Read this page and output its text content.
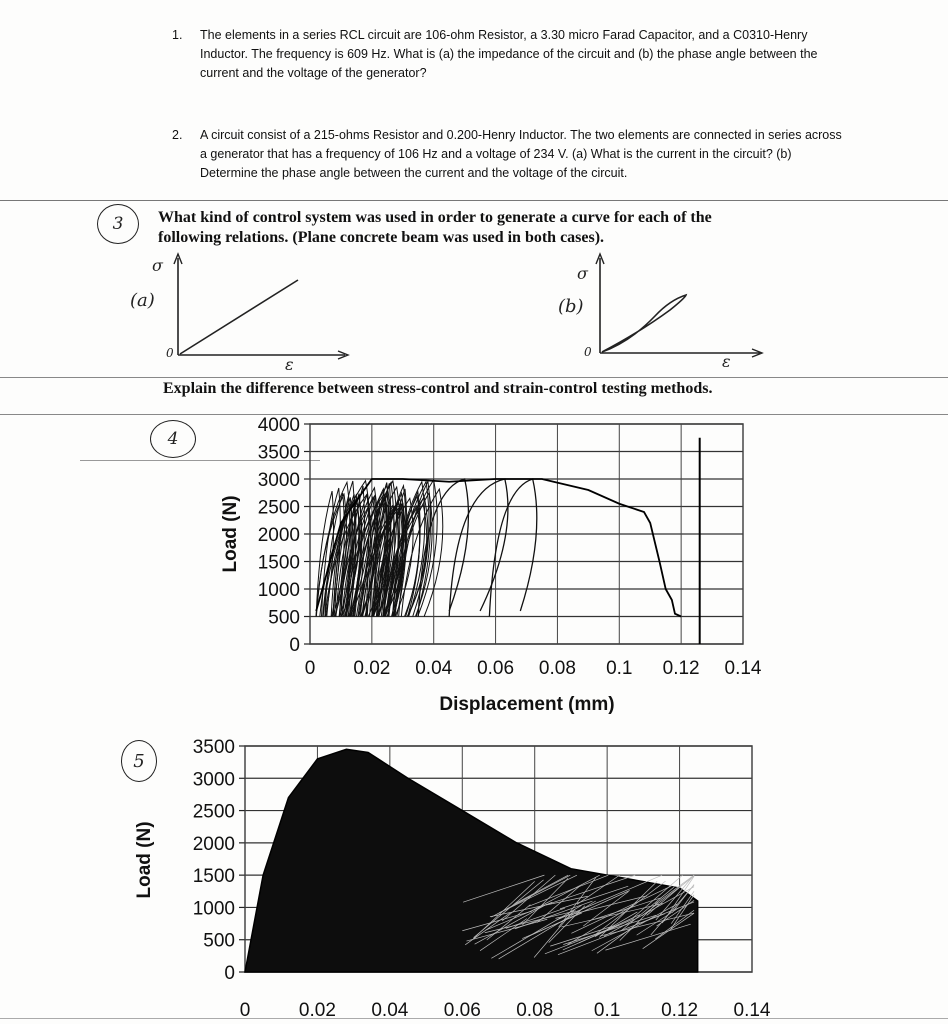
1. The elements in a series RCL circuit are 106-ohm Resistor, a 3.30 micro Farad Capacitor, and a C0310-Henry Inductor. The frequency is 609 Hz. What is (a) the impedance of the circuit and (b) the phase angle between the current and the voltage of the generator?
2. A circuit consist of a 215-ohms Resistor and 0.200-Henry Inductor. The two elements are connected in series across a generator that has a frequency of 106 Hz and a voltage of 234 V. (a) What is the current in the circuit? (b) Determine the phase angle between the current and the voltage of the circuit.
3	What kind of control system was used in order to generate a curve for each of the following relations. (Plane concrete beam was used in both cases).
(a)
σ
ε
0
(b)
σ
ε
0
Explain the difference between stress-control and strain-control testing methods.
4
0
500
1000
1500
2000
2500
3000
3500
4000
0 0.02 0.04 0.06 0.08 0.1 0.12 0.14
Displacement (mm)
Load (N)
5
0
500
1000
1500
2000
2500
3000
3500
0	0.02 0.04 0.06 0.08 0.1 0.12 0.14
Load (N)
